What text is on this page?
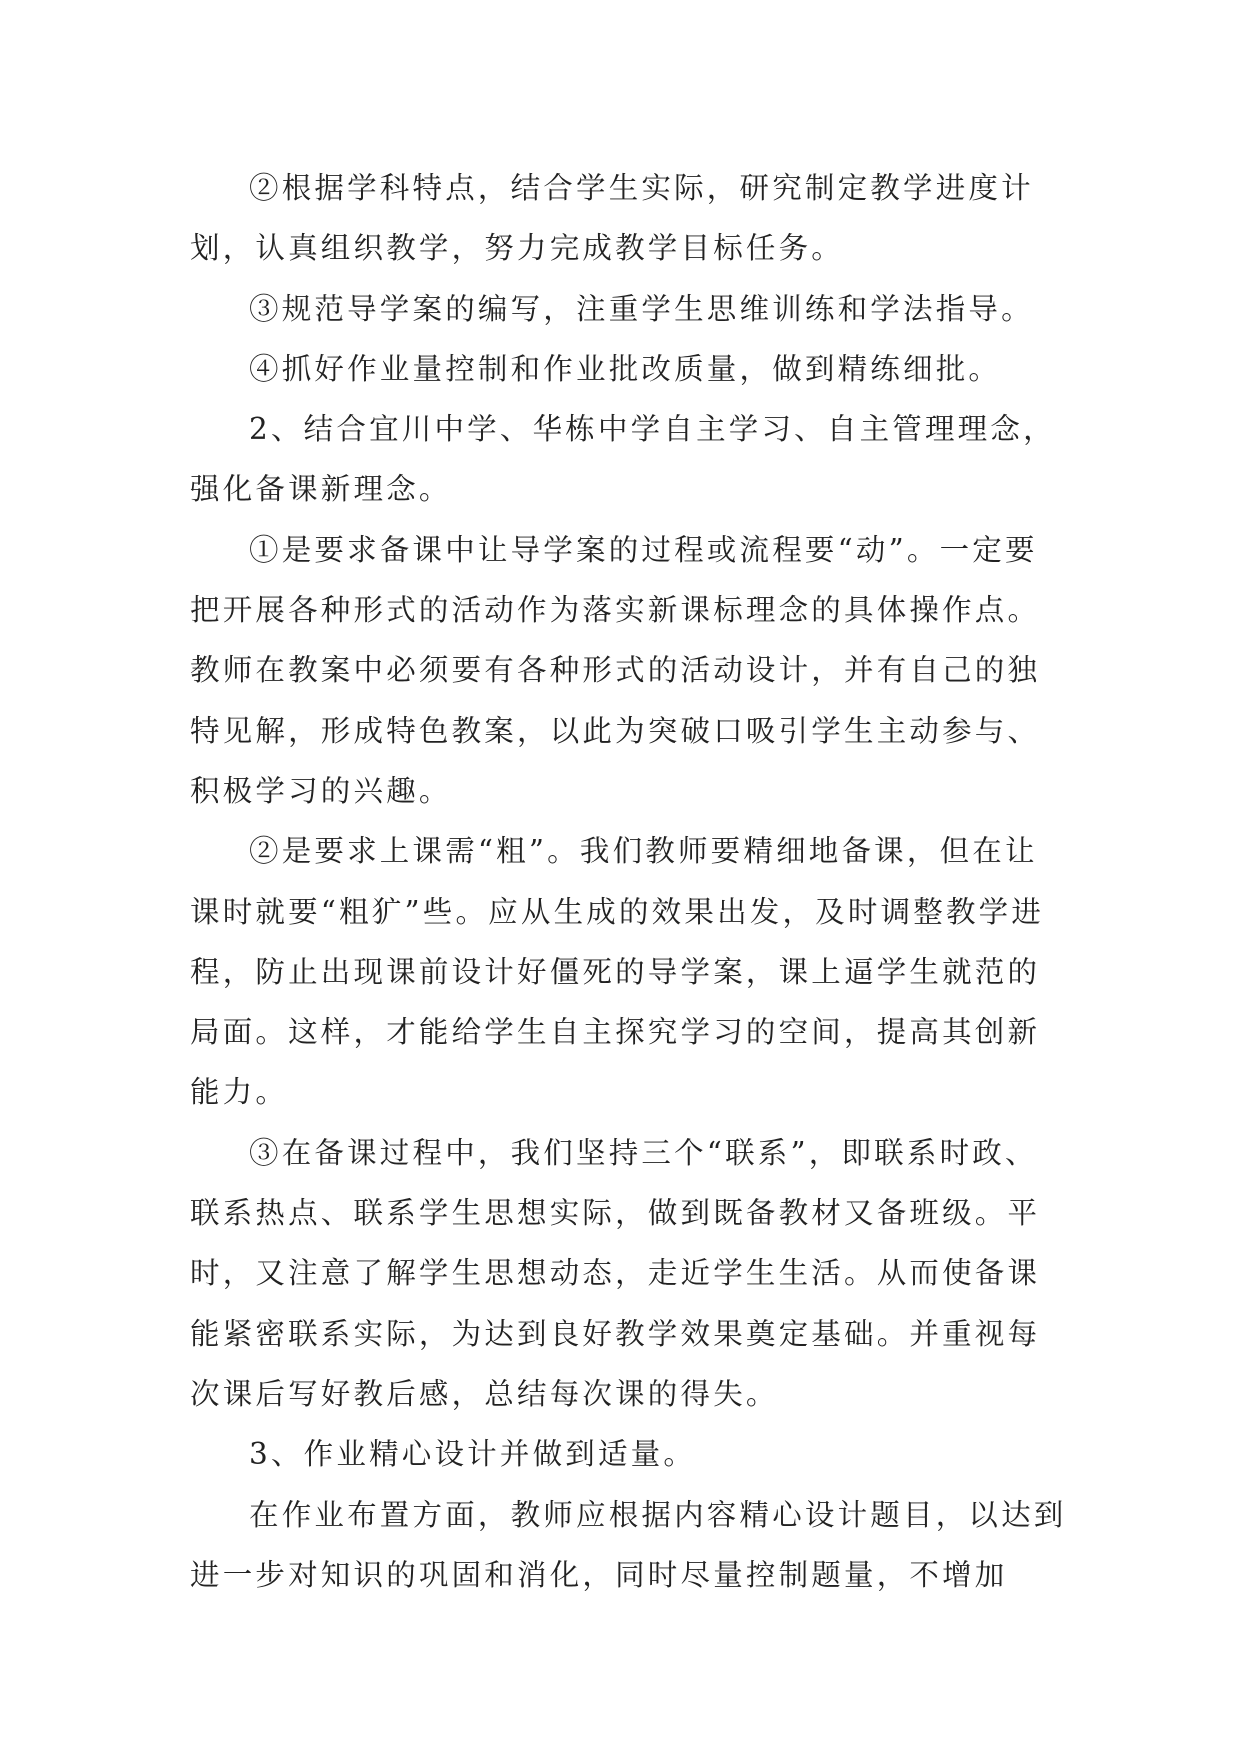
②根据学科特点，结合学生实际，研究制定教学进度计划，认真组织教学，努力完成教学目标任务。

③规范导学案的编写，注重学生思维训练和学法指导。

④抓好作业量控制和作业批改质量，做到精练细批。

2、结合宜川中学、华栋中学自主学习、自主管理理念，强化备课新理念。

①是要求备课中让导学案的过程或流程要“动”。一定要把开展各种形式的活动作为落实新课标理念的具体操作点。教师在教案中必须要有各种形式的活动设计，并有自己的独特见解，形成特色教案，以此为突破口吸引学生主动参与、积极学习的兴趣。

②是要求上课需“粗”。我们教师要精细地备课，但在让课时就要“粗犷”些。应从生成的效果出发，及时调整教学进程，防止出现课前设计好僵死的导学案，课上逼学生就范的局面。这样，才能给学生自主探究学习的空间，提高其创新能力。

③在备课过程中，我们坚持三个“联系”，即联系时政、联系热点、联系学生思想实际，做到既备教材又备班级。平时，又注意了解学生思想动态，走近学生生活。从而使备课能紧密联系实际，为达到良好教学效果奠定基础。并重视每次课后写好教后感，总结每次课的得失。

3、作业精心设计并做到适量。

在作业布置方面，教师应根据内容精心设计题目，以达到进一步对知识的巩固和消化，同时尽量控制题量，不增加
